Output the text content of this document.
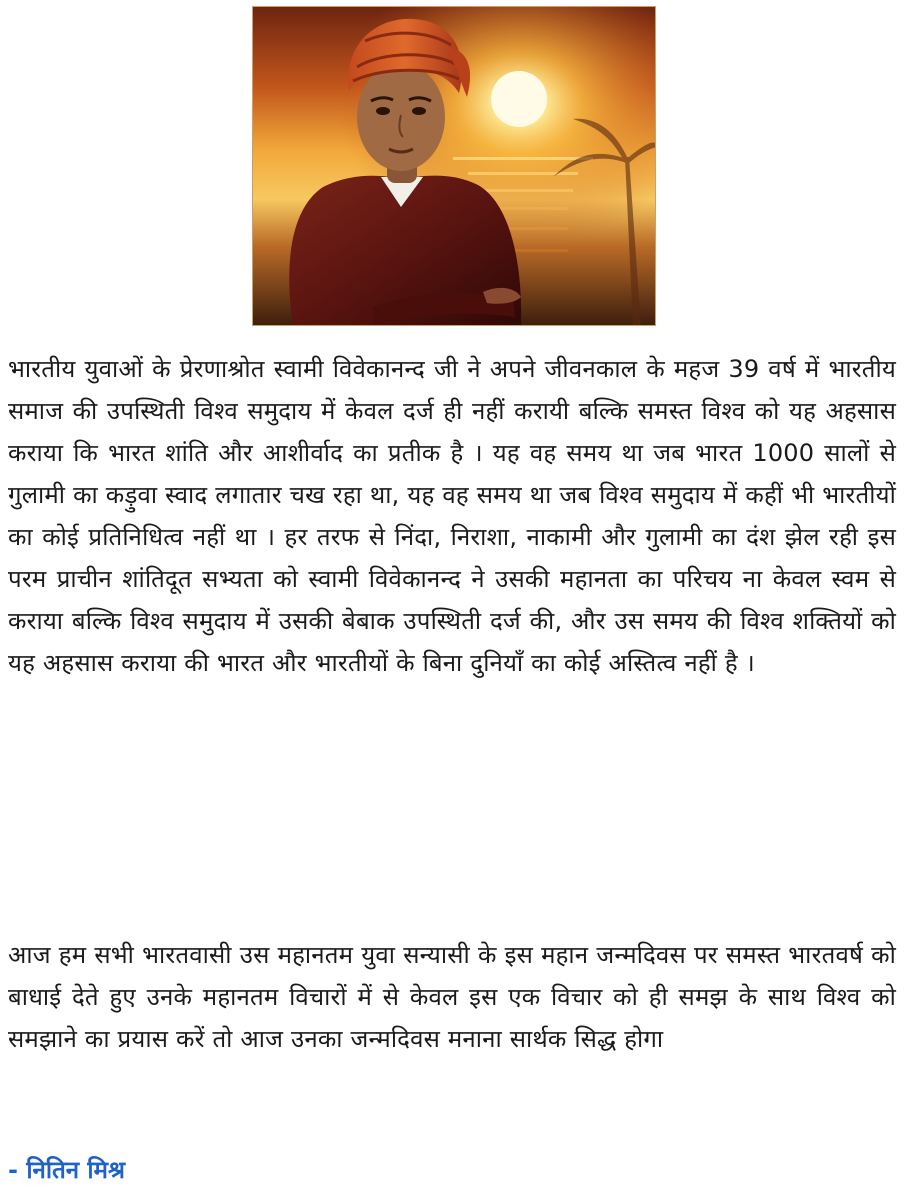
भारतीय युवाओं के प्रेरणाश्रोत स्वामी विवेकानन्द जी ने अपने जीवनकाल के महज 39 वर्ष में भारतीय समाज की उपस्थिती विश्व समुदाय में केवल दर्ज ही नहीं करायी बल्कि समस्त विश्व को यह अहसास कराया कि भारत शांति और आशीर्वाद का प्रतीक है । यह वह समय था जब भारत 1000 सालों से गुलामी का कड़ुवा स्वाद लगातार चख रहा था, यह वह समय था जब विश्व समुदाय में कहीं भी भारतीयों का कोई प्रतिनिधित्व नहीं था । हर तरफ से निंदा, निराशा, नाकामी और गुलामी का दंश झेल रही इस परम प्राचीन शांतिदूत सभ्यता को स्वामी विवेकानन्द ने उसकी महानता का परिचय ना केवल स्वम से कराया बल्कि विश्व समुदाय में उसकी बेबाक उपस्थिती दर्ज की, और उस समय की विश्व शक्तियों को यह अहसास कराया की भारत और भारतीयों के बिना दुनियाँ का कोई अस्तित्व नहीं है ।

आज हम सभी भारतवासी उस महानतम युवा सन्यासी के इस महान जन्मदिवस पर समस्त भारतवर्ष को बाधाई देते हुए उनके महानतम विचारों में से केवल इस एक विचार को ही समझ के साथ विश्व को समझाने का प्रयास करें तो आज उनका जन्मदिवस मनाना सार्थक सिद्ध होगा

- नितिन मिश्र
